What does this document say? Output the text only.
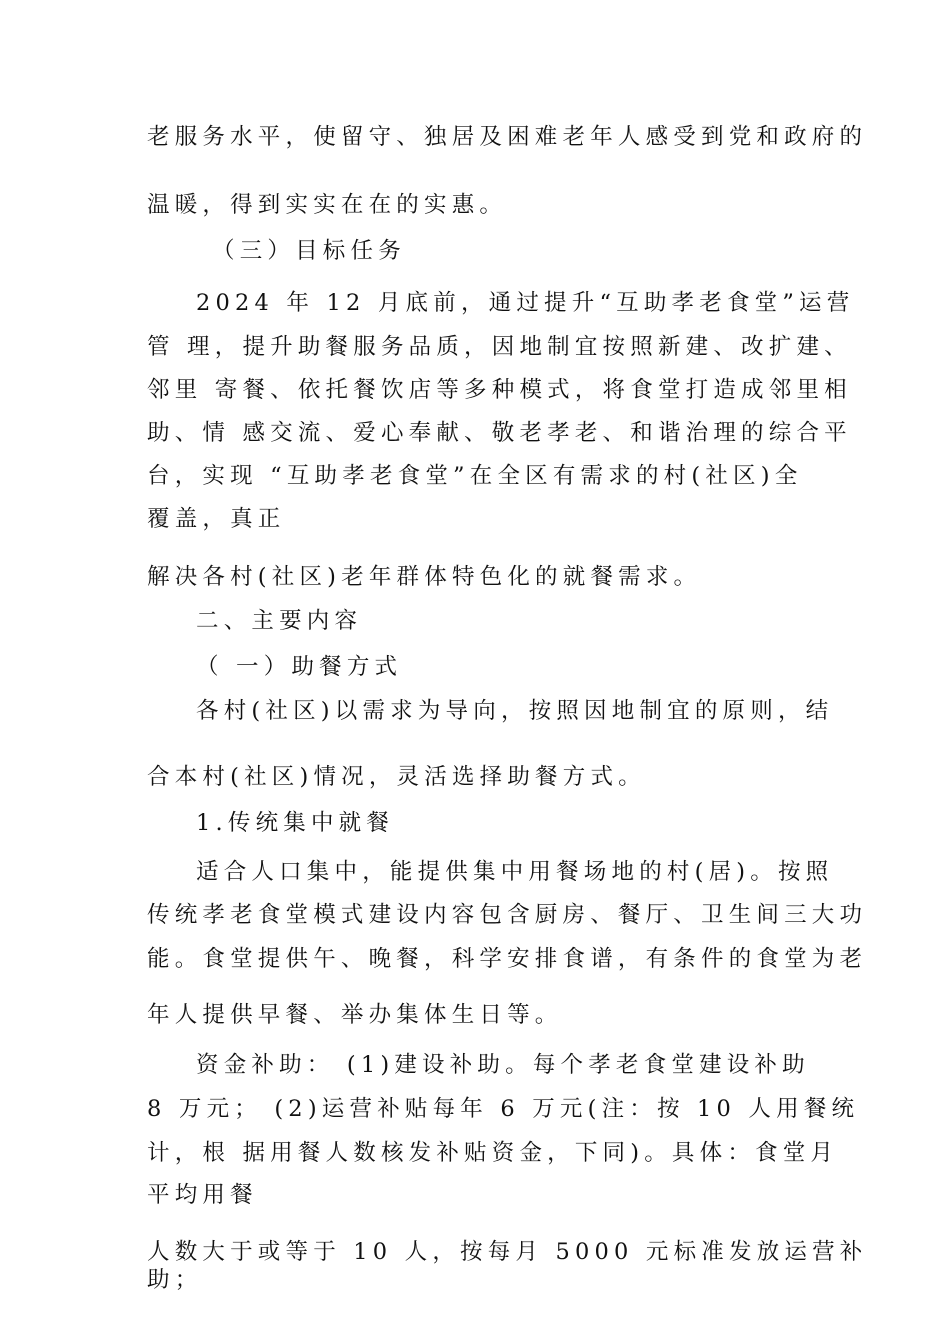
老服务水平，使留守、独居及困难老年人感受到党和政府的
温暖，得到实实在在的实惠。
（三）目标任务
2024 年 12 月底前，通过提升“互助孝老食堂”运营
管 理，提升助餐服务品质，因地制宜按照新建、改扩建、
邻里 寄餐、依托餐饮店等多种模式，将食堂打造成邻里相
助、情 感交流、爱心奉献、敬老孝老、和谐治理的综合平
台，实现 “互助孝老食堂”在全区有需求的村(社区)全
覆盖，真正
解决各村(社区)老年群体特色化的就餐需求。
二、主要内容
（ 一）助餐方式
各村(社区)以需求为导向，按照因地制宜的原则，结
合本村(社区)情况，灵活选择助餐方式。
1.传统集中就餐
适合人口集中，能提供集中用餐场地的村(居)。按照
传统孝老食堂模式建设内容包含厨房、餐厅、卫生间三大功
能。食堂提供午、晚餐，科学安排食谱，有条件的食堂为老
年人提供早餐、举办集体生日等。
资金补助： (1)建设补助。每个孝老食堂建设补助
8 万元； (2)运营补贴每年 6 万元(注：按 10 人用餐统
计，根 据用餐人数核发补贴资金，下同)。具体：食堂月
平均用餐
人数大于或等于 10 人，按每月 5000 元标准发放运营补
助；
